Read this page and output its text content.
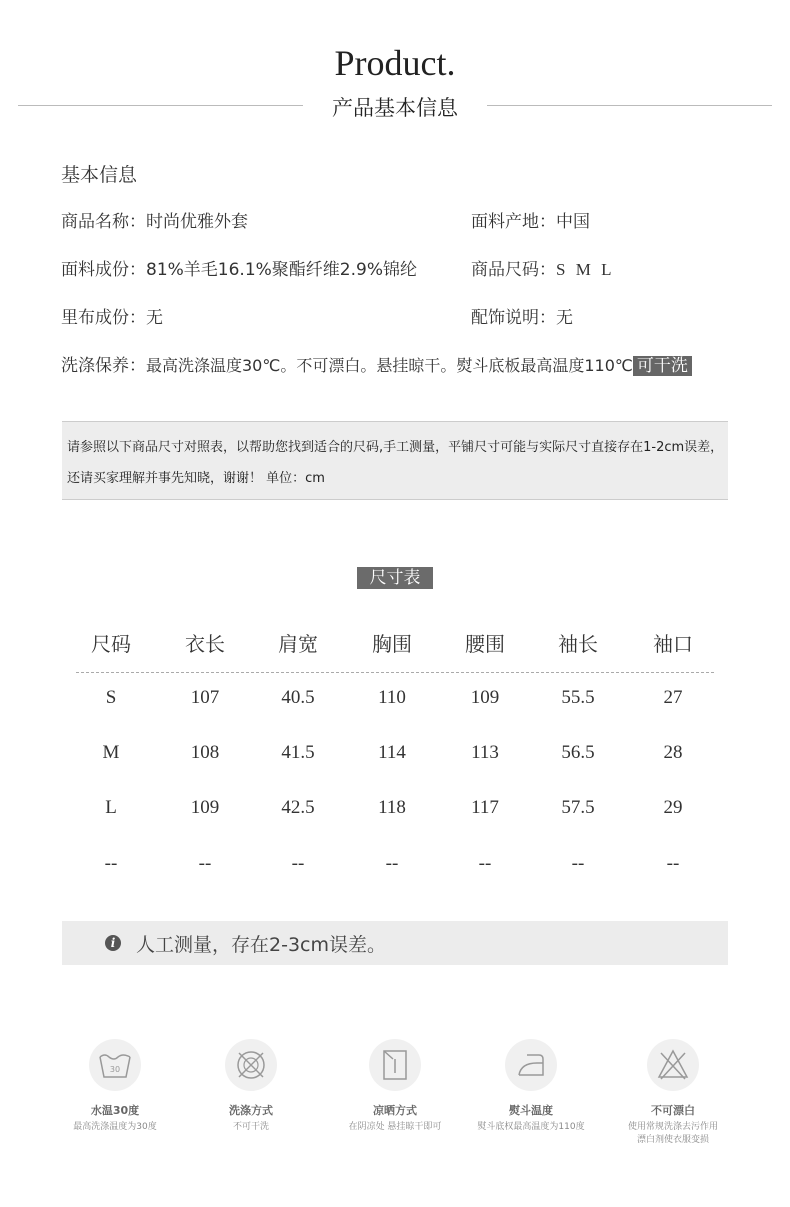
Product.
产品基本信息
基本信息
商品名称：时尚优雅外套	面料产地：中国
面料成份：81%羊毛16.1%聚酯纤维2.9%锦纶	商品尺码：S M L
里布成份：无	配饰说明：无
洗涤保养：最高洗涤温度30℃。不可漂白。悬挂晾干。熨斗底板最高温度110℃ 可干洗

请参照以下商品尺寸对照表，以帮助您找到适合的尺码,手工测量，平铺尺寸可能与实际尺寸直接存在1-2cm误差，

还请买家理解并事先知晓，谢谢！ 单位：cm

尺寸表
尺码	衣长	肩宽	胸围	腰围	袖长	袖口
S	107	40.5	110	109	55.5	27
M	108	41.5	114	113	56.5	28
L	109	42.5	118	117	57.5	29
--	--	--	--	--	--	--
i	人工测量，存在2-3cm误差。
30
水温30度
最高洗涤温度为30度
洗涤方式
不可干洗
凉晒方式
在阴凉处 悬挂晾干即可
熨斗温度
熨斗底权最高温度为110度
不可漂白
使用常规洗涤去污作用
漂白剂使衣服变损
